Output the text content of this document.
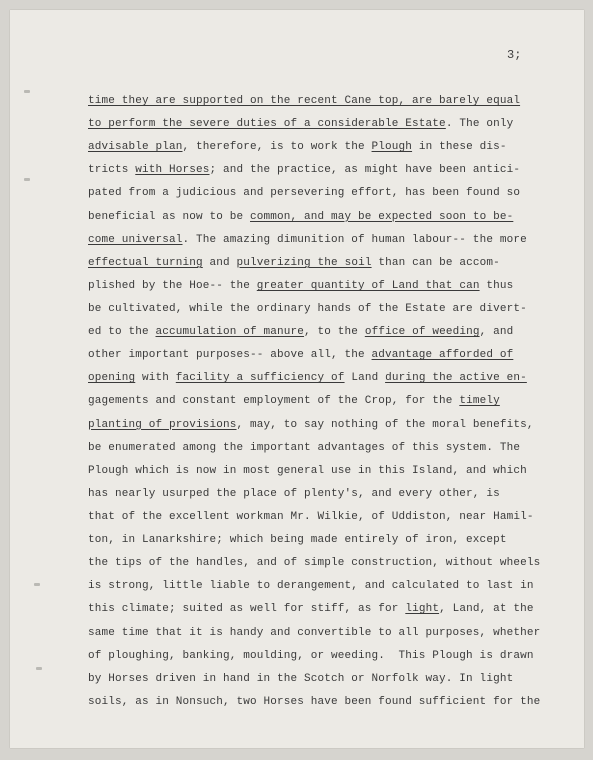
3;
time they are supported on the recent Cane top, are barely equal
to perform the severe duties of a considerable Estate. The only
advisable plan, therefore, is to work the Plough in these dis-
tricts with Horses; and the practice, as might have been antici-
pated from a judicious and persevering effort, has been found so
beneficial as now to be common, and may be expected soon to be-
come universal. The amazing dimunition of human labour-- the more
effectual turning and pulverizing the soil than can be accom-
plished by the Hoe-- the greater quantity of Land that can thus
be cultivated, while the ordinary hands of the Estate are divert-
ed to the accumulation of manure, to the office of weeding, and
other important purposes-- above all, the advantage afforded of
opening with facility a sufficiency of Land during the active en-
gagements and constant employment of the Crop, for the timely
planting of provisions, may, to say nothing of the moral benefits,
be enumerated among the important advantages of this system. The
Plough which is now in most general use in this Island, and which
has nearly usurped the place of plenty's, and every other, is
that of the excellent workman Mr. Wilkie, of Uddiston, near Hamil-
ton, in Lanarkshire; which being made entirely of iron, except
the tips of the handles, and of simple construction, without wheels
is strong, little liable to derangement, and calculated to last in
this climate; suited as well for stiff, as for light, Land, at the
same time that it is handy and convertible to all purposes, whether
of ploughing, banking, moulding, or weeding.  This Plough is drawn
by Horses driven in hand in the Scotch or Norfolk way. In light
soils, as in Nonsuch, two Horses have been found sufficient for the
